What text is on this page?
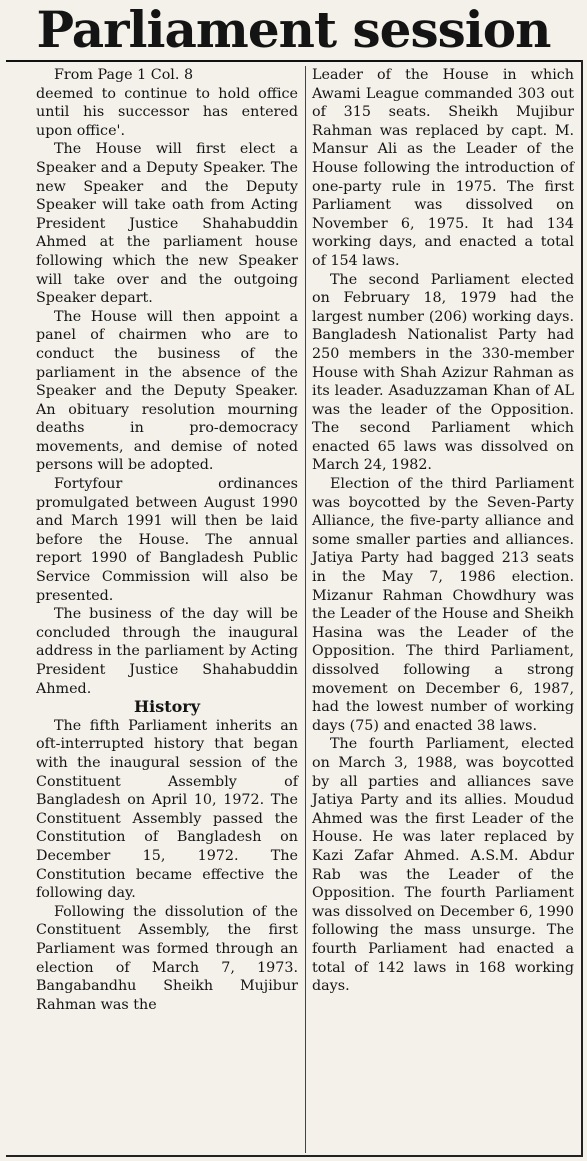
Parliament session

From Page 1 Col. 8

deemed to continue to hold office until his successor has entered upon office'.

The House will first elect a Speaker and a Deputy Speaker. The new Speaker and the Deputy Speaker will take oath from Acting President Justice Shahabuddin Ahmed at the parliament house following which the new Speaker will take over and the outgoing Speaker depart.

The House will then appoint a panel of chairmen who are to conduct the business of the parliament in the absence of the Speaker and the Deputy Speaker. An obituary resolution mourning deaths in pro-democracy movements, and demise of noted persons will be adopted.

Fortyfour ordinances promulgated between August 1990 and March 1991 will then be laid before the House. The annual report 1990 of Bangladesh Public Service Commission will also be presented.

The business of the day will be concluded through the inaugural address in the parliament by Acting President Justice Shahabuddin Ahmed.

History

The fifth Parliament inherits an oft-interrupted history that began with the inaugural session of the Constituent Assembly of Bangladesh on April 10, 1972. The Constituent Assembly passed the Constitution of Bangladesh on December 15, 1972. The Constitution became effective the following day.

Following the dissolution of the Constituent Assembly, the first Parliament was formed through an election of March 7, 1973. Bangabandhu Sheikh Mujibur Rahman was the

Leader of the House in which Awami League commanded 303 out of 315 seats. Sheikh Mujibur Rahman was replaced by capt. M. Mansur Ali as the Leader of the House following the introduction of one-party rule in 1975. The first Parliament was dissolved on November 6, 1975. It had 134 working days, and enacted a total of 154 laws.

The second Parliament elected on February 18, 1979 had the largest number (206) working days. Bangladesh Nationalist Party had 250 members in the 330-member House with Shah Azizur Rahman as its leader. Asaduzzaman Khan of AL was the leader of the Opposition. The second Parliament which enacted 65 laws was dissolved on March 24, 1982.

Election of the third Parliament was boycotted by the Seven-Party Alliance, the five-party alliance and some smaller parties and alliances. Jatiya Party had bagged 213 seats in the May 7, 1986 election. Mizanur Rahman Chowdhury was the Leader of the House and Sheikh Hasina was the Leader of the Opposition. The third Parliament, dissolved following a strong movement on December 6, 1987, had the lowest number of working days (75) and enacted 38 laws.

The fourth Parliament, elected on March 3, 1988, was boycotted by all parties and alliances save Jatiya Party and its allies. Moudud Ahmed was the first Leader of the House. He was later replaced by Kazi Zafar Ahmed. A.S.M. Abdur Rab was the Leader of the Opposition. The fourth Parliament was dissolved on December 6, 1990 following the mass unsurge. The fourth Parliament had enacted a total of 142 laws in 168 working days.
